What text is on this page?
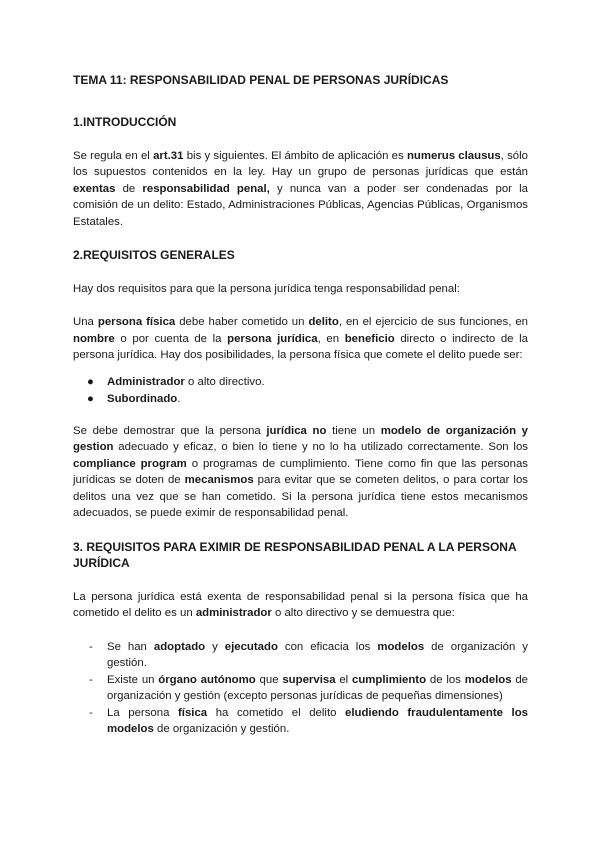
TEMA 11: RESPONSABILIDAD PENAL DE PERSONAS JURÍDICAS
1.INTRODUCCIÓN

Se regula en el art.31 bis y siguientes. El ámbito de aplicación es numerus clausus, sólo los supuestos contenidos en la ley. Hay un grupo de personas jurídicas que están exentas de responsabilidad penal, y nunca van a poder ser condenadas por la comisión de un delito: Estado, Administraciones Públicas, Agencias Públicas, Organismos Estatales.

2.REQUISITOS GENERALES

Hay dos requisitos para que la persona jurídica tenga responsabilidad penal:

Una persona física debe haber cometido un delito, en el ejercicio de sus funciones, en nombre o por cuenta de la persona jurídica, en beneficio directo o indirecto de la persona jurídica. Hay dos posibilidades, la persona física que comete el delito puede ser:

● Administrador o alto directivo.
● Subordinado.

Se debe demostrar que la persona jurídica no tiene un modelo de organización y gestion adecuado y eficaz, o bien lo tiene y no lo ha utilizado correctamente. Son los compliance program o programas de cumplimiento. Tiene como fin que las personas jurídicas se doten de mecanismos para evitar que se cometen delitos, o para cortar los delitos una vez que se han cometido. Si la persona jurídica tiene estos mecanismos adecuados, se puede eximir de responsabilidad penal.

3. REQUISITOS PARA EXIMIR DE RESPONSABILIDAD PENAL A LA PERSONA JURÍDICA

La persona jurídica está exenta de responsabilidad penal si la persona física que ha cometido el delito es un administrador o alto directivo y se demuestra que:

- Se han adoptado y ejecutado con eficacia los modelos de organización y gestión.
- Existe un órgano autónomo que supervisa el cumplimiento de los modelos de organización y gestión (excepto personas jurídicas de pequeñas dimensiones)
- La persona física ha cometido el delito eludiendo fraudulentamente los modelos de organización y gestión.
